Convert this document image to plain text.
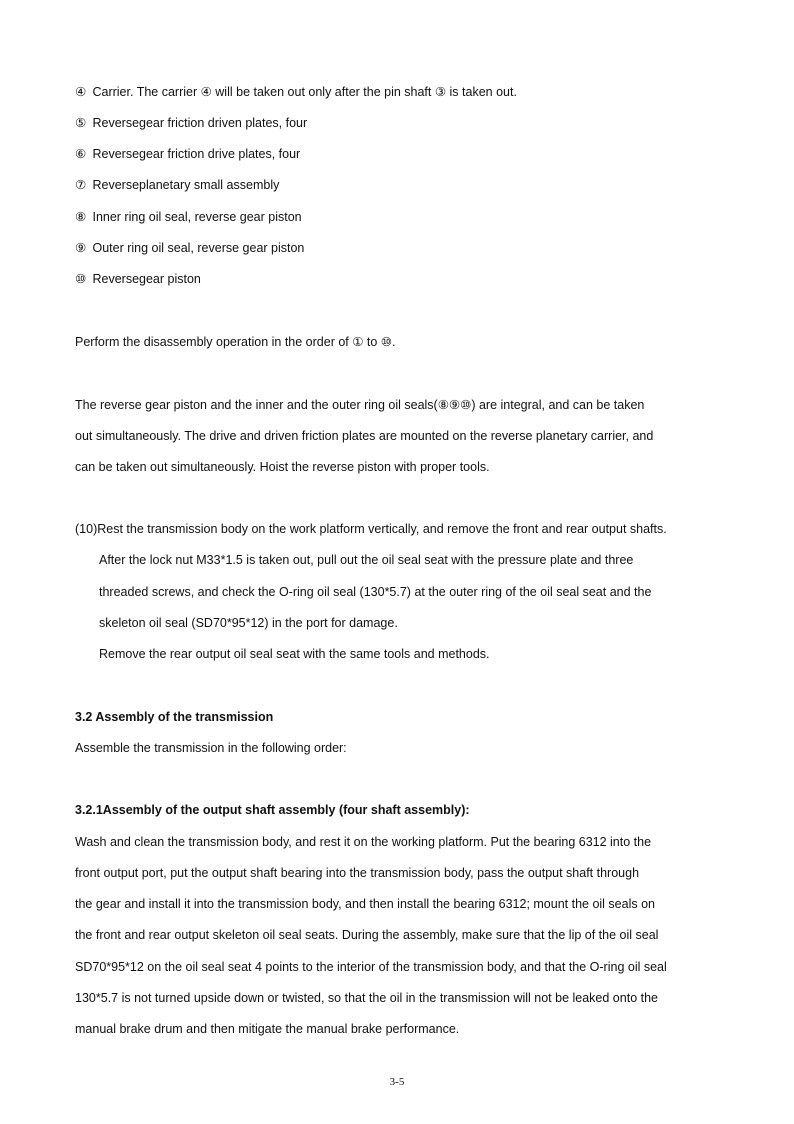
④ Carrier. The carrier ④ will be taken out only after the pin shaft ③ is taken out.
⑤ Reversegear friction driven plates, four
⑥ Reversegear friction drive plates, four
⑦ Reverseplanetary small assembly
⑧ Inner ring oil seal, reverse gear piston
⑨ Outer ring oil seal, reverse gear piston
⑩ Reversegear piston
Perform the disassembly operation in the order of ① to ⑩.
The reverse gear piston and the inner and the outer ring oil seals(⑧⑨⑩) are integral, and can be taken
out simultaneously. The drive and driven friction plates are mounted on the reverse planetary carrier, and
can be taken out simultaneously. Hoist the reverse piston with proper tools.
(10)Rest the transmission body on the work platform vertically, and remove the front and rear output shafts.
After the lock nut M33*1.5 is taken out, pull out the oil seal seat with the pressure plate and three
threaded screws, and check the O-ring oil seal (130*5.7) at the outer ring of the oil seal seat and the
skeleton oil seal (SD70*95*12) in the port for damage.
Remove the rear output oil seal seat with the same tools and methods.
3.2 Assembly of the transmission
Assemble the transmission in the following order:
3.2.1Assembly of the output shaft assembly (four shaft assembly):
Wash and clean the transmission body, and rest it on the working platform. Put the bearing 6312 into the
front output port, put the output shaft bearing into the transmission body, pass the output shaft through
the gear and install it into the transmission body, and then install the bearing 6312; mount the oil seals on
the front and rear output skeleton oil seal seats. During the assembly, make sure that the lip of the oil seal
SD70*95*12 on the oil seal seat 4 points to the interior of the transmission body, and that the O-ring oil seal
130*5.7 is not turned upside down or twisted, so that the oil in the transmission will not be leaked onto the
manual brake drum and then mitigate the manual brake performance.
3-5
